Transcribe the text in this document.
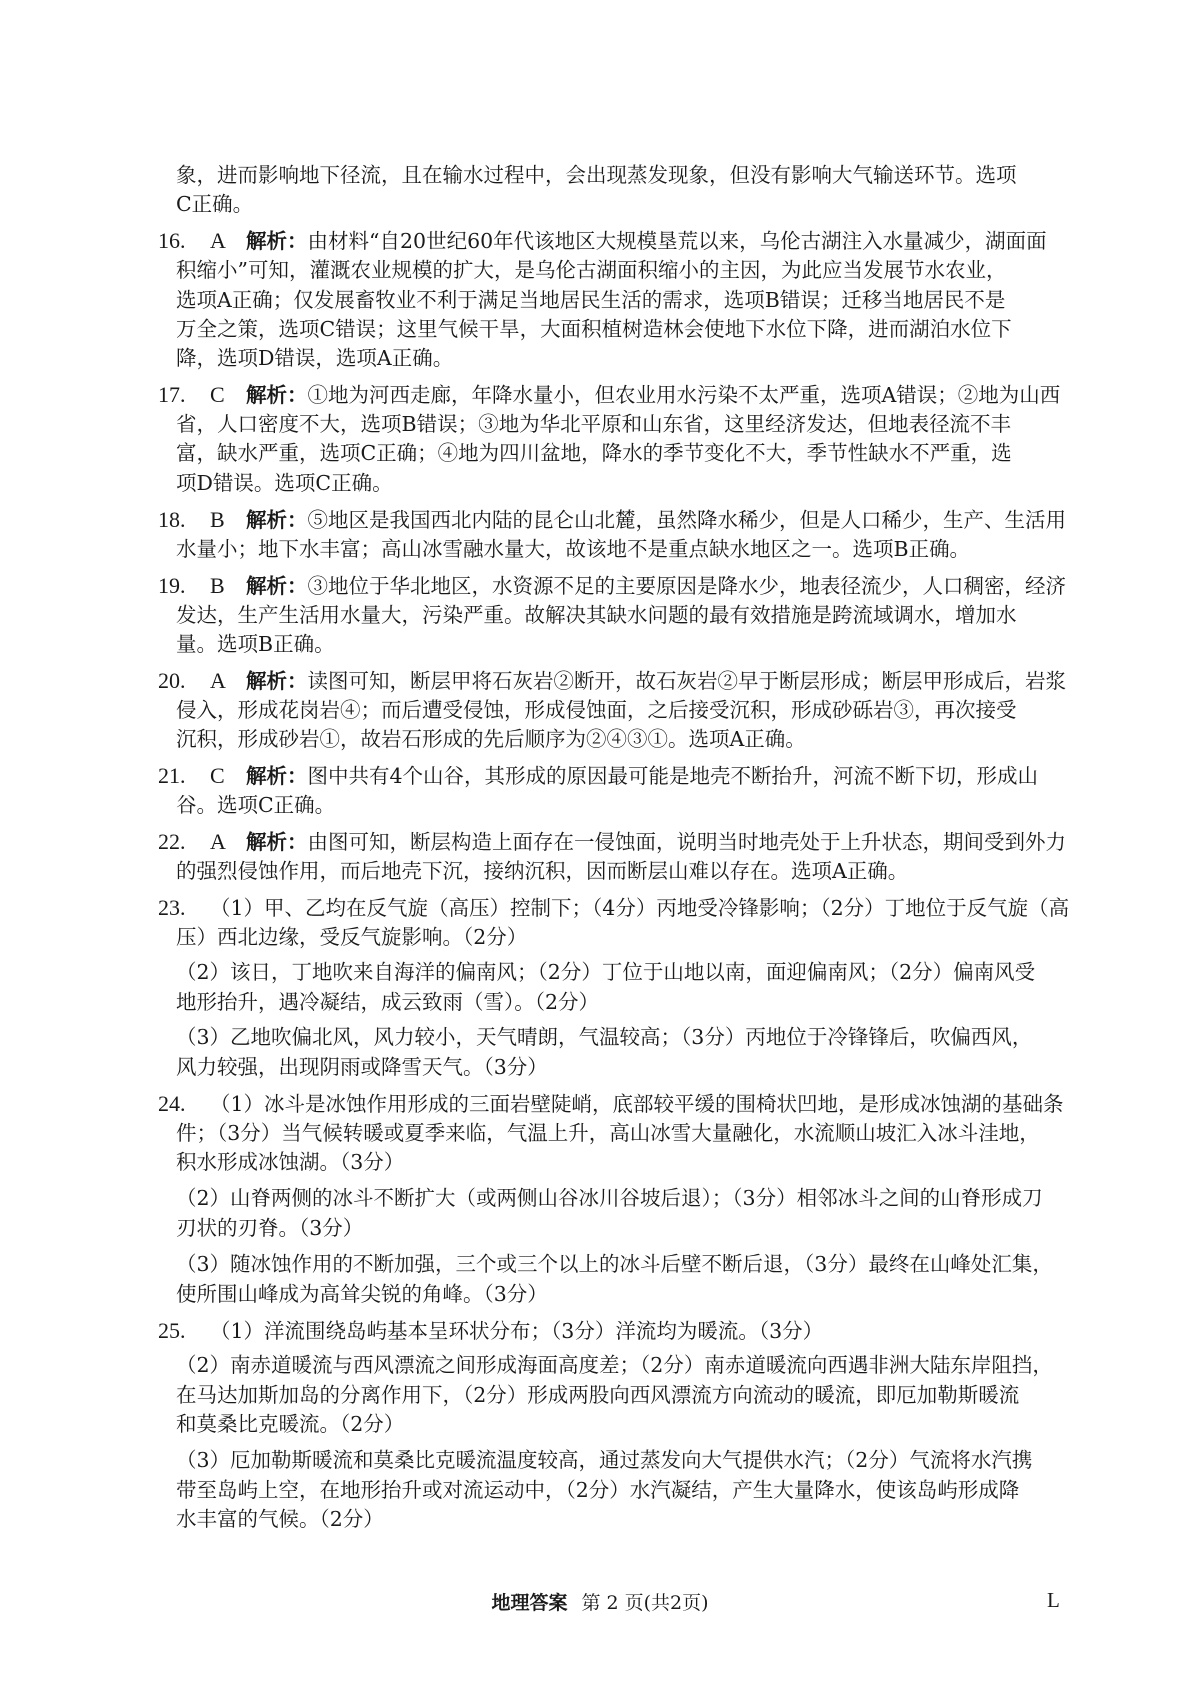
象，进而影响地下径流，且在输水过程中，会出现蒸发现象，但没有影响大气输送环节。选项
C正确。
16. A 解析：由材料“自20世纪60年代该地区大规模垦荒以来，乌伦古湖注入水量减少，湖面面
积缩小”可知，灌溉农业规模的扩大，是乌伦古湖面积缩小的主因，为此应当发展节水农业，
选项A正确；仅发展畜牧业不利于满足当地居民生活的需求，选项B错误；迁移当地居民不是
万全之策，选项C错误；这里气候干旱，大面积植树造林会使地下水位下降，进而湖泊水位下
降，选项D错误，选项A正确。
17. C 解析：①地为河西走廊，年降水量小，但农业用水污染不太严重，选项A错误；②地为山西
省，人口密度不大，选项B错误；③地为华北平原和山东省，这里经济发达，但地表径流不丰
富，缺水严重，选项C正确；④地为四川盆地，降水的季节变化不大，季节性缺水不严重，选
项D错误。选项C正确。
18. B 解析：⑤地区是我国西北内陆的昆仑山北麓，虽然降水稀少，但是人口稀少，生产、生活用
水量小；地下水丰富；高山冰雪融水量大，故该地不是重点缺水地区之一。选项B正确。
19. B 解析：③地位于华北地区，水资源不足的主要原因是降水少，地表径流少，人口稠密，经济
发达，生产生活用水量大，污染严重。故解决其缺水问题的最有效措施是跨流域调水，增加水
量。选项B正确。
20. A 解析：读图可知，断层甲将石灰岩②断开，故石灰岩②早于断层形成；断层甲形成后，岩浆
侵入，形成花岗岩④；而后遭受侵蚀，形成侵蚀面，之后接受沉积，形成砂砾岩③，再次接受
沉积，形成砂岩①，故岩石形成的先后顺序为②④③①。选项A正确。
21. C 解析：图中共有4个山谷，其形成的原因最可能是地壳不断抬升，河流不断下切，形成山
谷。选项C正确。
22. A 解析：由图可知，断层构造上面存在一侵蚀面，说明当时地壳处于上升状态，期间受到外力
的强烈侵蚀作用，而后地壳下沉，接纳沉积，因而断层山难以存在。选项A正确。
23. （1）甲、乙均在反气旋（高压）控制下；（4分）丙地受冷锋影响；（2分）丁地位于反气旋（高
压）西北边缘，受反气旋影响。（2分）
（2）该日，丁地吹来自海洋的偏南风；（2分）丁位于山地以南，面迎偏南风；（2分）偏南风受
地形抬升，遇冷凝结，成云致雨（雪）。（2分）
（3）乙地吹偏北风，风力较小，天气晴朗，气温较高；（3分）丙地位于冷锋锋后，吹偏西风，
风力较强，出现阴雨或降雪天气。（3分）
24. （1）冰斗是冰蚀作用形成的三面岩壁陡峭，底部较平缓的围椅状凹地，是形成冰蚀湖的基础条
件；（3分）当气候转暖或夏季来临，气温上升，高山冰雪大量融化，水流顺山坡汇入冰斗洼地，
积水形成冰蚀湖。（3分）
（2）山脊两侧的冰斗不断扩大（或两侧山谷冰川谷坡后退）；（3分）相邻冰斗之间的山脊形成刀
刃状的刃脊。（3分）
（3）随冰蚀作用的不断加强，三个或三个以上的冰斗后壁不断后退，（3分）最终在山峰处汇集，
使所围山峰成为高耸尖锐的角峰。（3分）
25. （1）洋流围绕岛屿基本呈环状分布；（3分）洋流均为暖流。（3分）
（2）南赤道暖流与西风漂流之间形成海面高度差；（2分）南赤道暖流向西遇非洲大陆东岸阻挡，
在马达加斯加岛的分离作用下，（2分）形成两股向西风漂流方向流动的暖流，即厄加勒斯暖流
和莫桑比克暖流。（2分）
（3）厄加勒斯暖流和莫桑比克暖流温度较高，通过蒸发向大气提供水汽；（2分）气流将水汽携
带至岛屿上空，在地形抬升或对流运动中，（2分）水汽凝结，产生大量降水，使该岛屿形成降
水丰富的气候。（2分）
地理答案 第 2 页(共2页)	L
